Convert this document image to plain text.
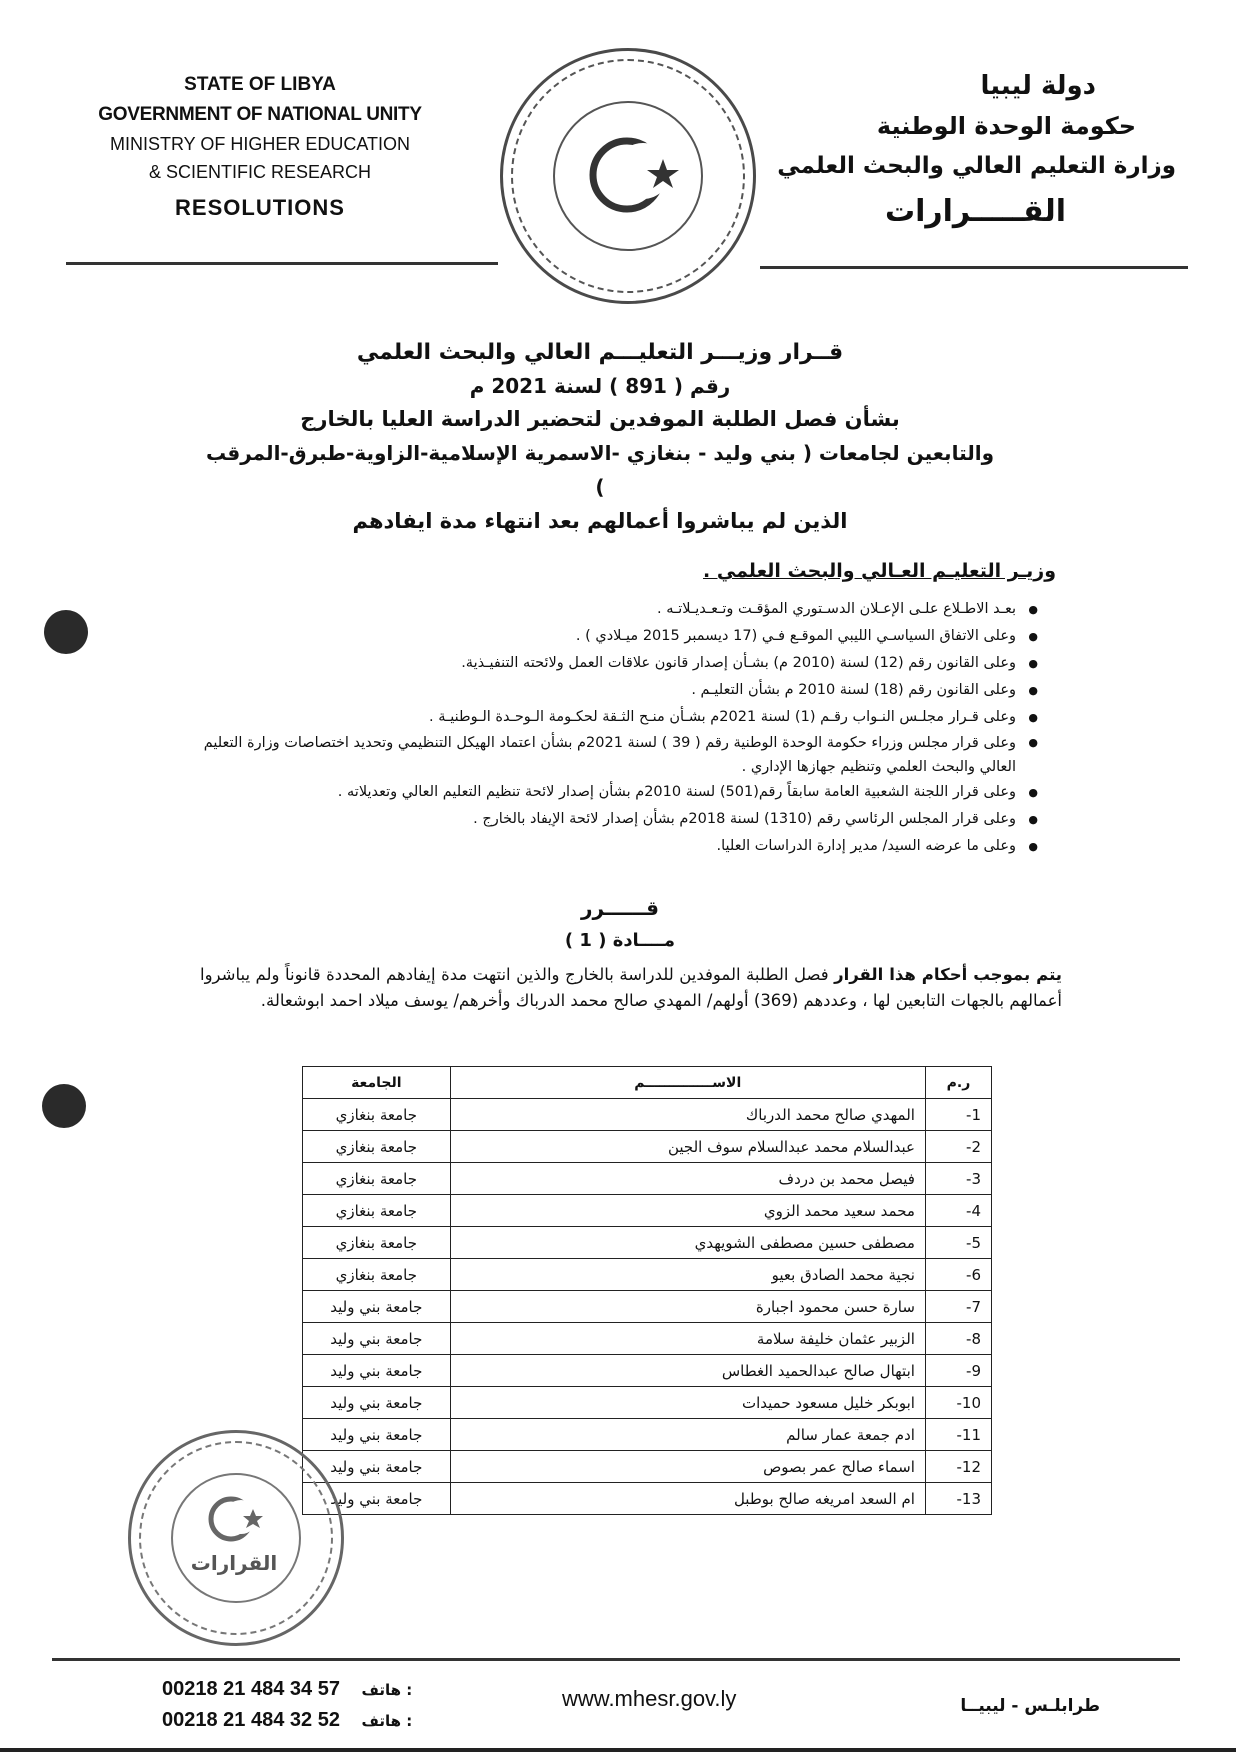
STATE OF LIBYA
GOVERNMENT OF NATIONAL UNITY
MINISTRY OF HIGHER EDUCATION
& SCIENTIFIC RESEARCH
RESOLUTIONS
دولة ليبيا
حكومة الوحدة الوطنية
وزارة التعليم العالي والبحث العلمي
القـــــرارات
قــرار وزيـــر التعليـــم العالي والبحث العلمي
رقم ( 891 ) لسنة 2021 م
بشأن فصل الطلبة الموفدين لتحضير الدراسة العليا بالخارج
والتابعين لجامعات ( بني وليد - بنغازي -الاسمرية الإسلامية-الزاوية-طبرق-المرقب )
الذين لم يباشروا أعمالهم بعد انتهاء مدة ايفادهم
وزيـر التعليـم العـالي والبحث العلمي .
● بعـد الاطـلاع علـى الإعـلان الدسـتوري المؤقـت وتـعـديـلاتـه .
● وعلى الاتفاق السياسـي الليبي الموقـع فـي (17 ديسمبر 2015 ميـلادي ) .
● وعلى القانون رقم (12) لسنة (2010 م) بشـأن إصدار قانون علاقات العمل ولائحته التنفيـذية.
● وعلى القانون رقم (18) لسنة 2010 م بشأن التعليـم .
● وعلى قـرار مجلـس النـواب رقـم (1) لسنة 2021م بشـأن منـح الثـقة لحكـومة الـوحـدة الـوطنيـة .
● وعلى قرار مجلس وزراء حكومة الوحدة الوطنية رقم ( 39 ) لسنة 2021م بشأن اعتماد الهيكل التنظيمي وتحديد اختصاصات وزارة التعليم العالي والبحث العلمي وتنظيم جهازها الإداري .
● وعلى قرار اللجنة الشعبية العامة سابقاً رقم(501) لسنة 2010م بشأن إصدار لائحة تنظيم التعليم العالي وتعديلاته .
● وعلى قرار المجلس الرئاسي رقم (1310) لسنة 2018م بشأن إصدار لائحة الإيفاد بالخارج .
● وعلى ما عرضه السيد/ مدير إدارة الدراسات العليا.
قــــــرر
مــــادة ( 1 )
يتم بموجب أحكام هذا القرار فصل الطلبة الموفدين للدراسة بالخارج والذين انتهت مدة إيفادهم المحددة قانوناً ولم يباشروا أعمالهم بالجهات التابعين لها ، وعددهم (369) أولهم/ المهدي صالح محمد الدرباك وأخرهم/ يوسف ميلاد احمد ابوشعالة.
ر.م	الاســــــــــــــم	الجامعة
1-	المهدي صالح محمد الدرباك	جامعة بنغازي
2-	عبدالسلام محمد عبدالسلام سوف الجين	جامعة بنغازي
3-	فيصل محمد بن دردف	جامعة بنغازي
4-	محمد سعيد محمد الزوي	جامعة بنغازي
5-	مصطفى حسين مصطفى الشويهدي	جامعة بنغازي
6-	نجية محمد الصادق بعيو	جامعة بنغازي
7-	سارة حسن محمود اجبارة	جامعة بني وليد
8-	الزبير عثمان خليفة سلامة	جامعة بني وليد
9-	ابتهال صالح عبدالحميد الغطاس	جامعة بني وليد
10-	ابوبكر خليل مسعود حميدات	جامعة بني وليد
11-	ادم جمعة عمار سالم	جامعة بني وليد
12-	اسماء صالح عمر بصوص	جامعة بني وليد
13-	ام السعد امريغه صالح بوطبل	جامعة بني وليد
القرارات
00218 21 484 34 57 هاتف :
00218 21 484 32 52 هاتف :
www.mhesr.gov.ly	طرابلـس - ليبيــا
